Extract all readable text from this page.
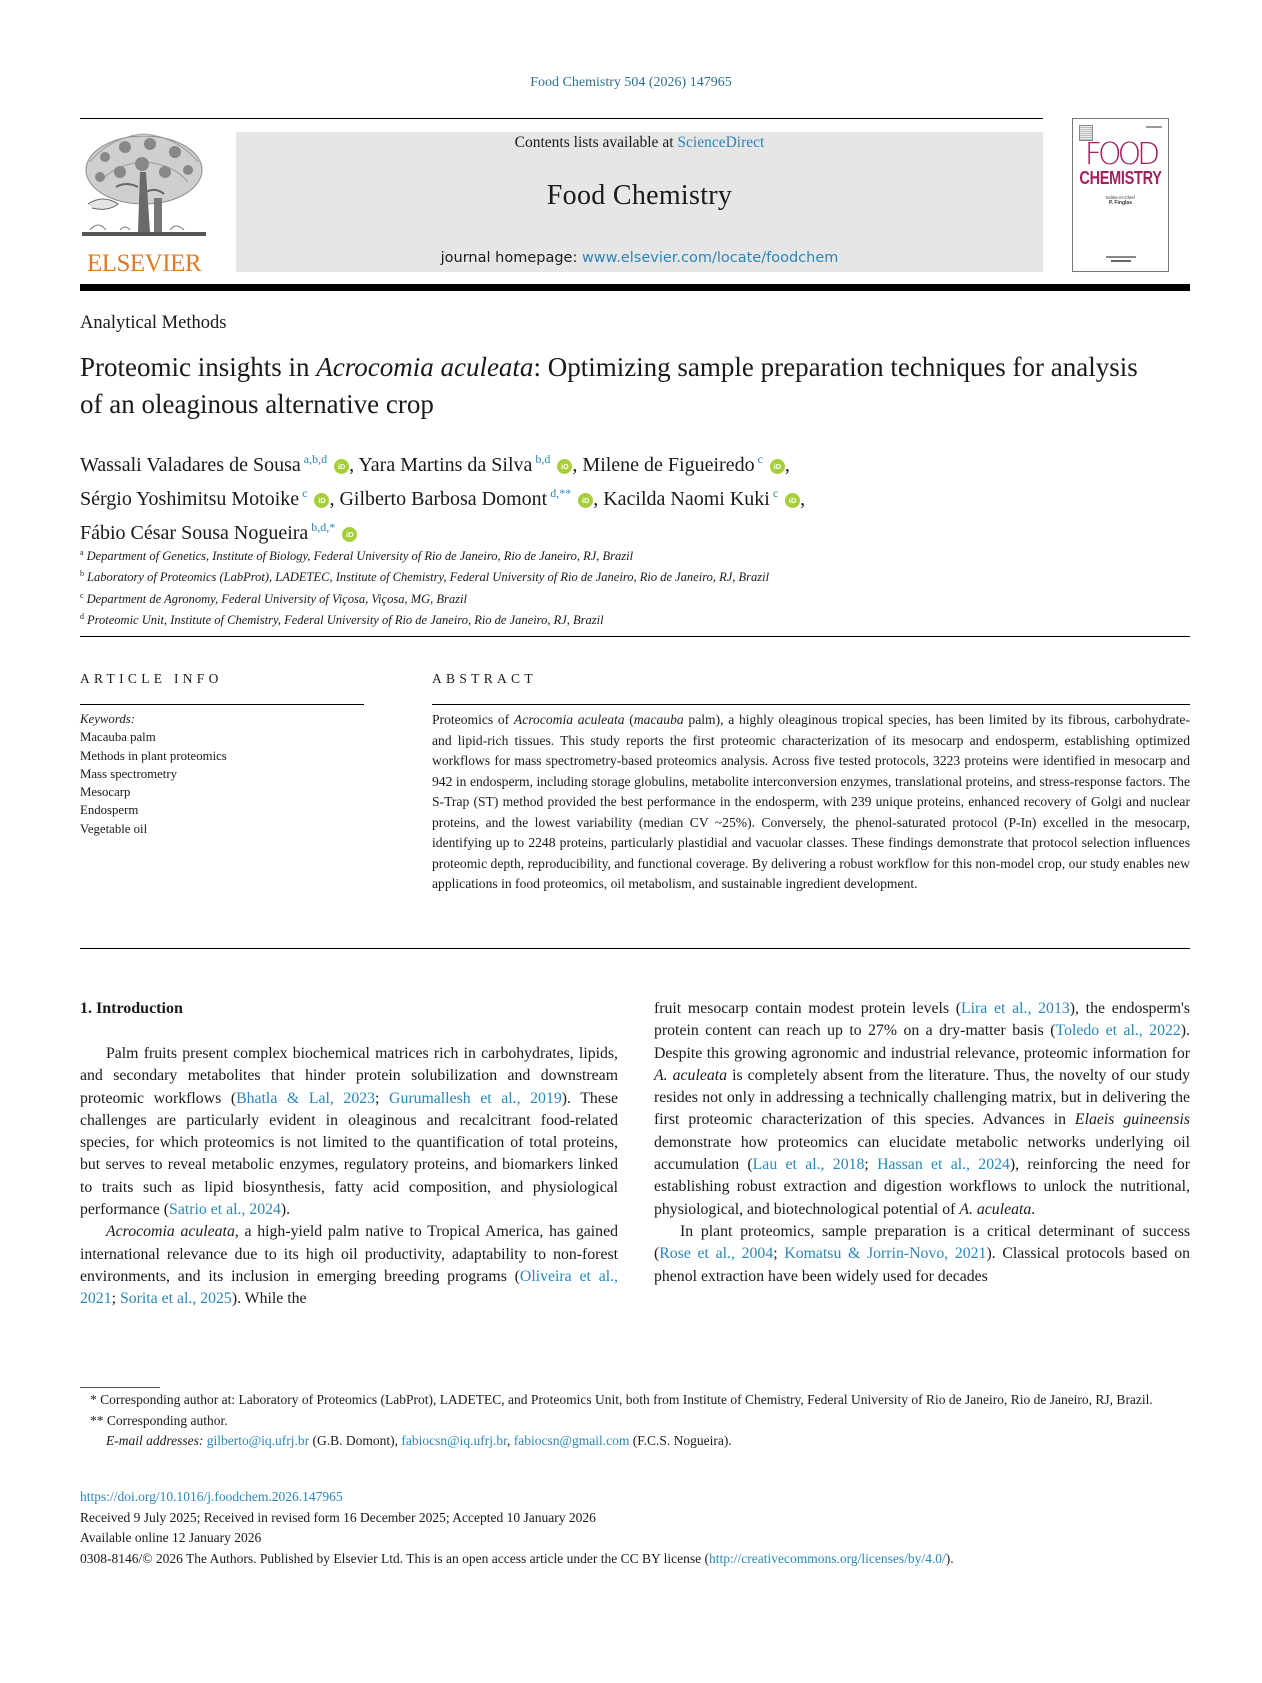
Food Chemistry 504 (2026) 147965
ELSEVIER
Contents lists available at ScienceDirect
Food Chemistry
journal homepage: www.elsevier.com/locate/foodchem
FOOD
CHEMISTRY
Editor-in-Chief
P. Finglas
Analytical Methods
Proteomic insights in Acrocomia aculeata: Optimizing sample preparation techniques for analysis of an oleaginous alternative crop
Wassali Valadares de Sousa $^{a,b,d}$ iD , Yara Martins da Silva $^{b,d}$ iD , Milene de Figueiredo $^c$ iD ,
Sérgio Yoshimitsu Motoike $^c$ iD , Gilberto Barbosa Domont $^{d,**}$ iD , Kacilda Naomi Kuki $^c$ iD ,
Fábio César Sousa Nogueira $^{b,d,*}$ iD
$^a$ Department of Genetics, Institute of Biology, Federal University of Rio de Janeiro, Rio de Janeiro, RJ, Brazil
$^b$ Laboratory of Proteomics (LabProt), LADETEC, Institute of Chemistry, Federal University of Rio de Janeiro, Rio de Janeiro, RJ, Brazil
$^c$ Department de Agronomy, Federal University of Viçosa, Viçosa, MG, Brazil
$^d$ Proteomic Unit, Institute of Chemistry, Federal University of Rio de Janeiro, Rio de Janeiro, RJ, Brazil
ARTICLE INFO
Keywords:
Macauba palm
Methods in plant proteomics
Mass spectrometry
Mesocarp
Endosperm
Vegetable oil
ABSTRACT
Proteomics of Acrocomia aculeata (macauba palm), a highly oleaginous tropical species, has been limited by its fibrous, carbohydrate- and lipid-rich tissues. This study reports the first proteomic characterization of its mesocarp and endosperm, establishing optimized workflows for mass spectrometry-based proteomics analysis. Across five tested protocols, 3223 proteins were identified in mesocarp and 942 in endosperm, including storage globulins, metabolite interconversion enzymes, translational proteins, and stress-response factors. The S-Trap (ST) method provided the best performance in the endosperm, with 239 unique proteins, enhanced recovery of Golgi and nuclear proteins, and the lowest variability (median CV ~25%). Conversely, the phenol-saturated protocol (P-In) excelled in the mesocarp, identifying up to 2248 proteins, particularly plastidial and vacuolar classes. These findings demonstrate that protocol selection influences proteomic depth, reproducibility, and functional coverage. By delivering a robust workflow for this non-model crop, our study enables new applications in food proteomics, oil metabolism, and sustainable ingredient development.
1. Introduction

Palm fruits present complex biochemical matrices rich in carbohydrates, lipids, and secondary metabolites that hinder protein solubilization and downstream proteomic workflows (Bhatla & Lal, 2023; Gurumallesh et al., 2019). These challenges are particularly evident in oleaginous and recalcitrant food-related species, for which proteomics is not limited to the quantification of total proteins, but serves to reveal metabolic enzymes, regulatory proteins, and biomarkers linked to traits such as lipid biosynthesis, fatty acid composition, and physiological performance (Satrio et al., 2024).

Acrocomia aculeata, a high-yield palm native to Tropical America, has gained international relevance due to its high oil productivity, adaptability to non-forest environments, and its inclusion in emerging breeding programs (Oliveira et al., 2021; Sorita et al., 2025). While the

fruit mesocarp contain modest protein levels (Lira et al., 2013), the endosperm's protein content can reach up to 27% on a dry-matter basis (Toledo et al., 2022). Despite this growing agronomic and industrial relevance, proteomic information for A. aculeata is completely absent from the literature. Thus, the novelty of our study resides not only in addressing a technically challenging matrix, but in delivering the first proteomic characterization of this species. Advances in Elaeis guineensis demonstrate how proteomics can elucidate metabolic networks underlying oil accumulation (Lau et al., 2018; Hassan et al., 2024), reinforcing the need for establishing robust extraction and digestion workflows to unlock the nutritional, physiological, and biotechnological potential of A. aculeata.

In plant proteomics, sample preparation is a critical determinant of success (Rose et al., 2004; Komatsu & Jorrin-Novo, 2021). Classical protocols based on phenol extraction have been widely used for decades

* Corresponding author at: Laboratory of Proteomics (LabProt), LADETEC, and Proteomics Unit, both from Institute of Chemistry, Federal University of Rio de Janeiro, Rio de Janeiro, RJ, Brazil.
** Corresponding author.
E-mail addresses: gilberto@iq.ufrj.br (G.B. Domont), fabiocsn@iq.ufrj.br, fabiocsn@gmail.com (F.C.S. Nogueira).
https://doi.org/10.1016/j.foodchem.2026.147965
Received 9 July 2025; Received in revised form 16 December 2025; Accepted 10 January 2026
Available online 12 January 2026
0308-8146/© 2026 The Authors. Published by Elsevier Ltd. This is an open access article under the CC BY license (http://creativecommons.org/licenses/by/4.0/).
